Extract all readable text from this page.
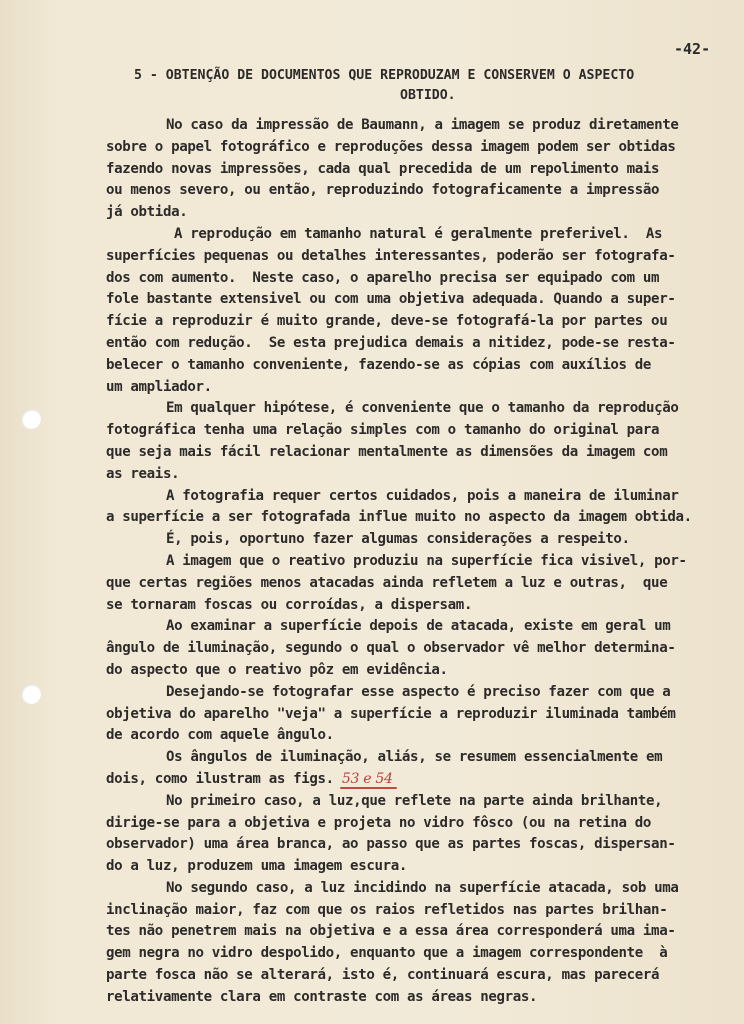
-42-
5 - OBTENÇÃO DE DOCUMENTOS QUE REPRODUZAM E CONSERVEM O ASPECTO
OBTIDO.
No caso da impressão de Baumann, a imagem se produz diretamente
sobre o papel fotográfico e reproduções dessa imagem podem ser obtidas
fazendo novas impressões, cada qual precedida de um repolimento mais
ou menos severo, ou então, reproduzindo fotograficamente a impressão
já obtida.
A reprodução em tamanho natural é geralmente preferivel.  As
superfícies pequenas ou detalhes interessantes, poderão ser fotografa-
dos com aumento.  Neste caso, o aparelho precisa ser equipado com um
fole bastante extensivel ou com uma objetiva adequada. Quando a super-
fície a reproduzir é muito grande, deve-se fotografá-la por partes ou
então com redução.  Se esta prejudica demais a nitidez, pode-se resta-
belecer o tamanho conveniente, fazendo-se as cópias com auxílios de
um ampliador.
Em qualquer hipótese, é conveniente que o tamanho da reprodução
fotográfica tenha uma relação simples com o tamanho do original para
que seja mais fácil relacionar mentalmente as dimensões da imagem com
as reais.
A fotografia requer certos cuidados, pois a maneira de iluminar
a superfície a ser fotografada influe muito no aspecto da imagem obtida.
É, pois, oportuno fazer algumas considerações a respeito.
A imagem que o reativo produziu na superfície fica visivel, por-
que certas regiões menos atacadas ainda refletem a luz e outras,  que
se tornaram foscas ou corroídas, a dispersam.
Ao examinar a superfície depois de atacada, existe em geral um
ângulo de iluminação, segundo o qual o observador vê melhor determina-
do aspecto que o reativo pôz em evidência.
Desejando-se fotografar esse aspecto é preciso fazer com que a
objetiva do aparelho "veja" a superfície a reproduzir iluminada também
de acordo com aquele ângulo.
Os ângulos de iluminação, aliás, se resumem essencialmente em
dois, como ilustram as figs. 53 e 54
No primeiro caso, a luz,que reflete na parte ainda brilhante,
dirige-se para a objetiva e projeta no vidro fôsco (ou na retina do
observador) uma área branca, ao passo que as partes foscas, dispersan-
do a luz, produzem uma imagem escura.
No segundo caso, a luz incidindo na superfície atacada, sob uma
inclinação maior, faz com que os raios refletidos nas partes brilhan-
tes não penetrem mais na objetiva e a essa área corresponderá uma ima-
gem negra no vidro despolido, enquanto que a imagem correspondente  à
parte fosca não se alterará, isto é, continuará escura, mas parecerá
relativamente clara em contraste com as áreas negras.
